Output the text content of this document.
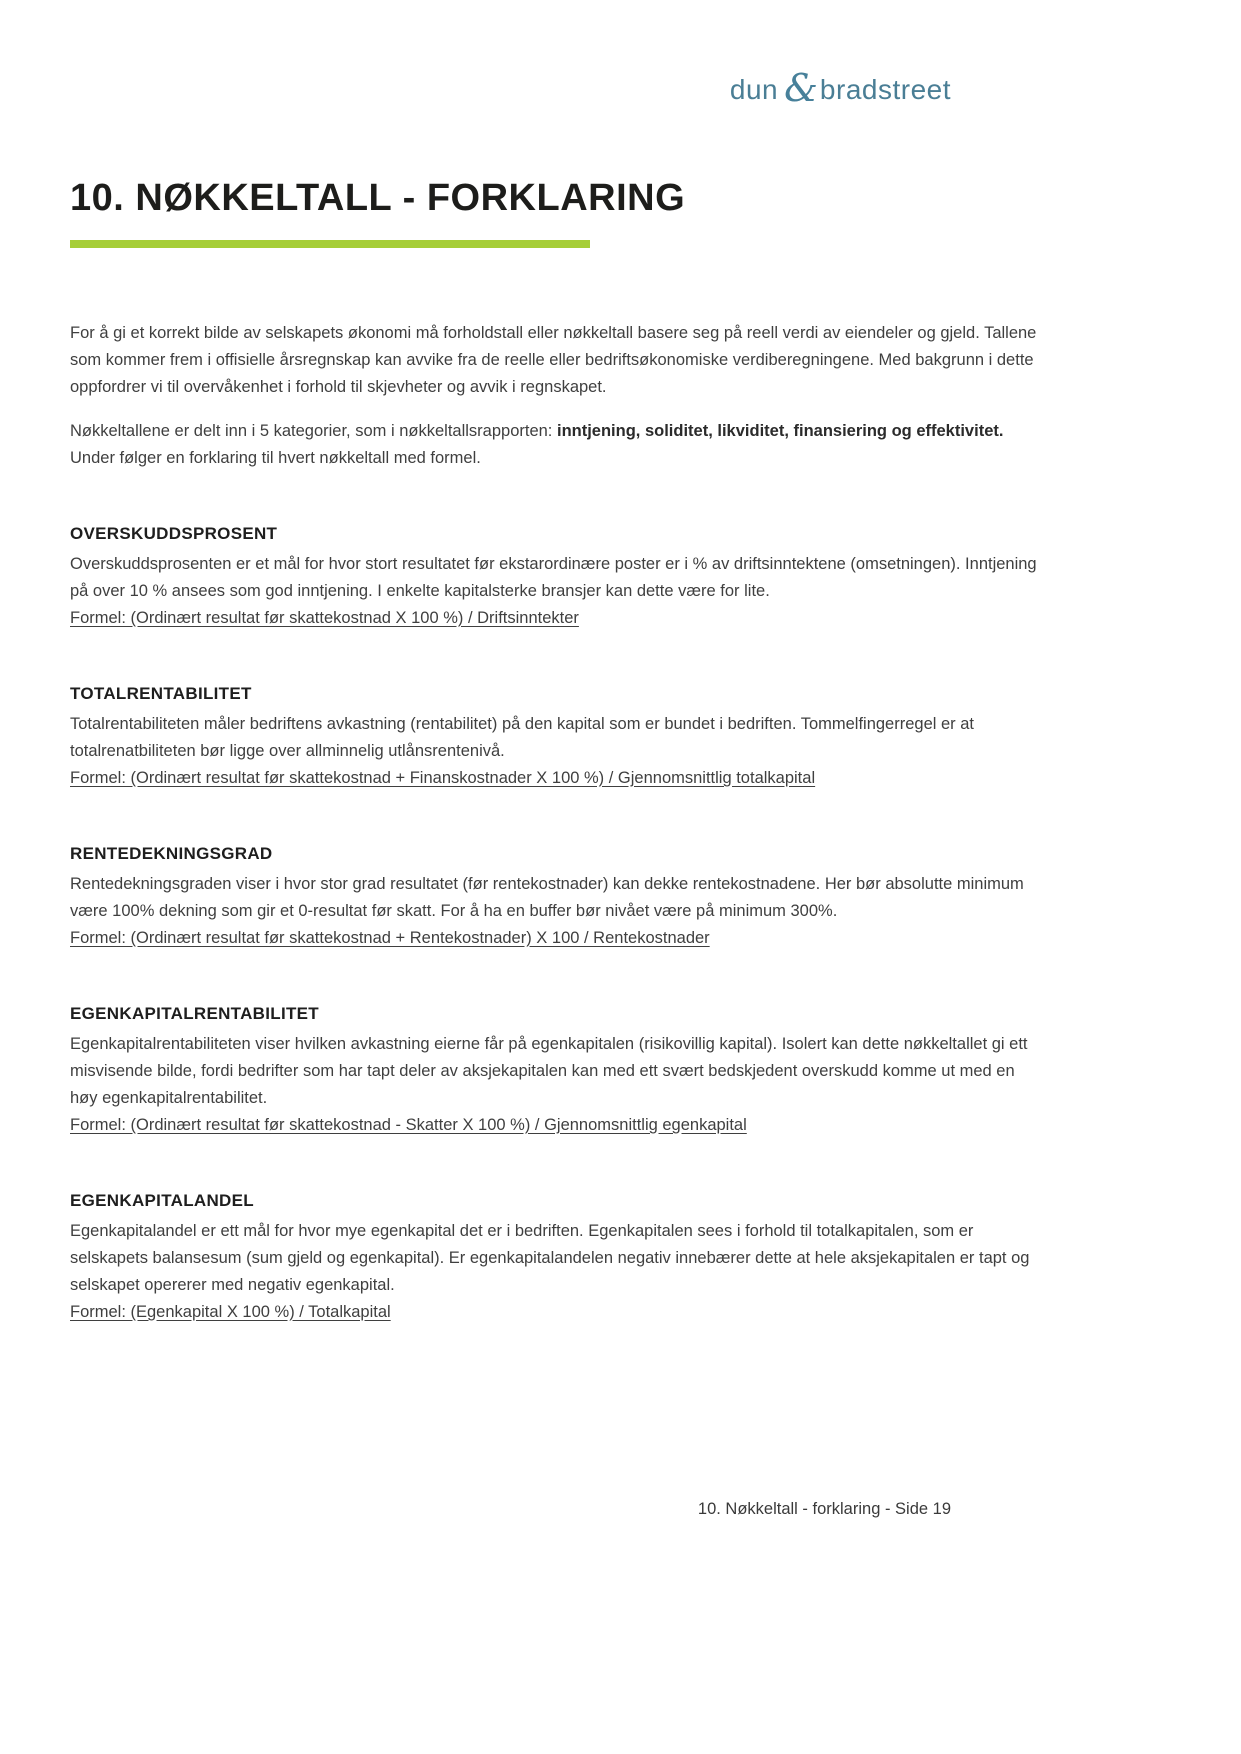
dun &bradstreet
10. NØKKELTALL - FORKLARING

For å gi et korrekt bilde av selskapets økonomi må forholdstall eller nøkkeltall basere seg på reell verdi av eiendeler og gjeld. Tallene som kommer frem i offisielle årsregnskap kan avvike fra de reelle eller bedriftsøkonomiske verdiberegningene. Med bakgrunn i dette oppfordrer vi til overvåkenhet i forhold til skjevheter og avvik i regnskapet.

Nøkkeltallene er delt inn i 5 kategorier, som i nøkkeltallsrapporten: inntjening, soliditet, likviditet, finansiering og effektivitet. Under følger en forklaring til hvert nøkkeltall med formel.

OVERSKUDDSPROSENT

Overskuddsprosenten er et mål for hvor stort resultatet før ekstarordinære poster er i % av driftsinntektene (omsetningen). Inntjening på over 10 % ansees som god inntjening. I enkelte kapitalsterke bransjer kan dette være for lite.

Formel: (Ordinært resultat før skattekostnad X 100 %) / Driftsinntekter

TOTALRENTABILITET

Totalrentabiliteten måler bedriftens avkastning (rentabilitet) på den kapital som er bundet i bedriften. Tommelfingerregel er at totalrenatbiliteten bør ligge over allminnelig utlånsrentenivå.

Formel: (Ordinært resultat før skattekostnad + Finanskostnader X 100 %) / Gjennomsnittlig totalkapital

RENTEDEKNINGSGRAD

Rentedekningsgraden viser i hvor stor grad resultatet (før rentekostnader) kan dekke rentekostnadene. Her bør absolutte minimum være 100% dekning som gir et 0-resultat før skatt. For å ha en buffer bør nivået være på minimum 300%.

Formel: (Ordinært resultat før skattekostnad + Rentekostnader) X 100 / Rentekostnader

EGENKAPITALRENTABILITET

Egenkapitalrentabiliteten viser hvilken avkastning eierne får på egenkapitalen (risikovillig kapital). Isolert kan dette nøkkeltallet gi ett misvisende bilde, fordi bedrifter som har tapt deler av aksjekapitalen kan med ett svært bedskjedent overskudd komme ut med en høy egenkapitalrentabilitet.

Formel: (Ordinært resultat før skattekostnad - Skatter X 100 %) / Gjennomsnittlig egenkapital

EGENKAPITALANDEL

Egenkapitalandel er ett mål for hvor mye egenkapital det er i bedriften. Egenkapitalen sees i forhold til totalkapitalen, som er selskapets balansesum (sum gjeld og egenkapital). Er egenkapitalandelen negativ innebærer dette at hele aksjekapitalen er tapt og selskapet opererer med negativ egenkapital.

Formel: (Egenkapital X 100 %) / Totalkapital

10. Nøkkeltall - forklaring - Side 19
